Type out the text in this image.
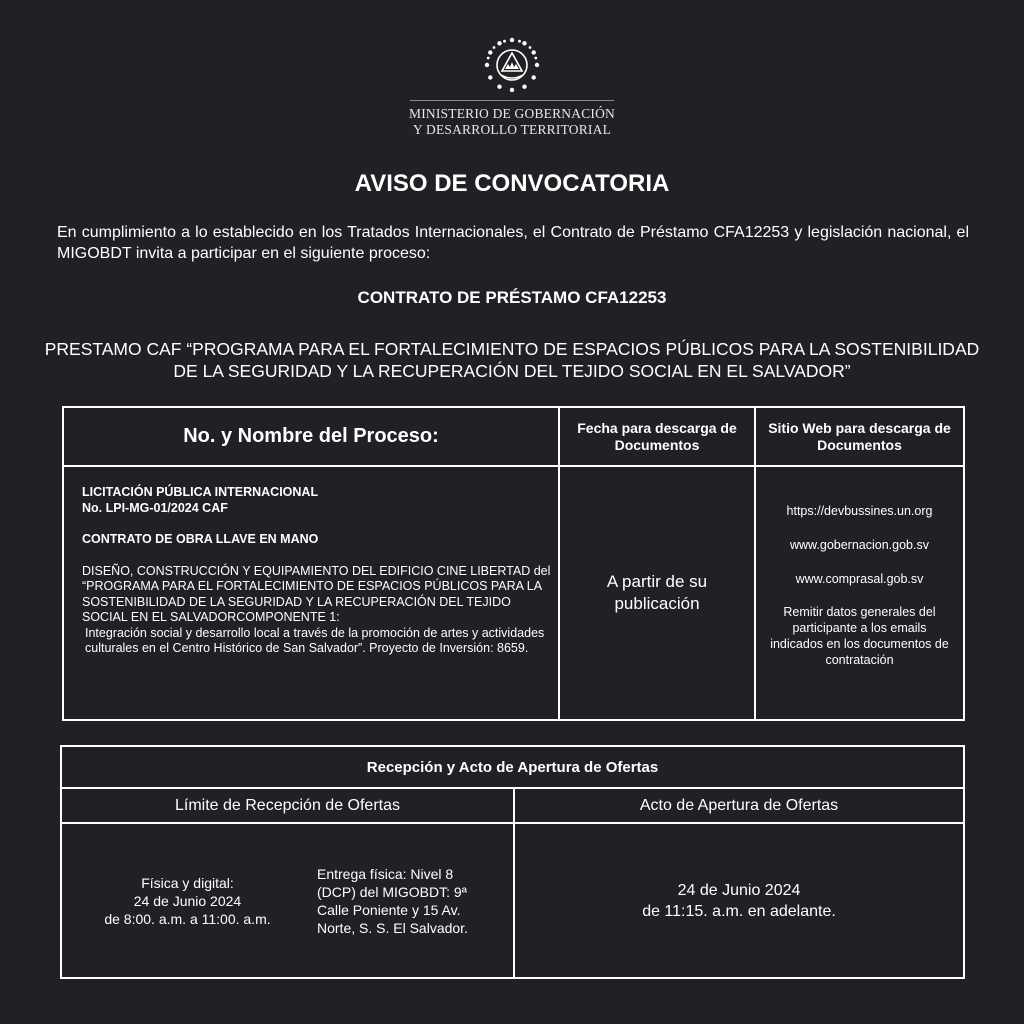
MINISTERIO DE GOBERNACIÓN
Y DESARROLLO TERRITORIAL
AVISO DE CONVOCATORIA
En cumplimiento a lo establecido en los Tratados Internacionales, el Contrato de Préstamo CFA12253 y legislación nacional, el MIGOBDT invita a participar en el siguiente proceso:
CONTRATO DE PRÉSTAMO CFA12253
PRESTAMO CAF “PROGRAMA PARA EL FORTALECIMIENTO DE ESPACIOS PÚBLICOS PARA LA SOSTENIBILIDAD DE LA SEGURIDAD Y LA RECUPERACIÓN DEL TEJIDO SOCIAL EN EL SALVADOR”
No. y Nombre del Proceso:	Fecha para descarga de Documentos
Sitio Web para descarga de Documentos

LICITACIÓN PÚBLICA INTERNACIONAL

No. LPI-MG-01/2024 CAF

CONTRATO DE OBRA LLAVE EN MANO

DISEÑO, CONSTRUCCIÓN Y EQUIPAMIENTO DEL EDIFICIO CINE LIBERTAD del “PROGRAMA PARA EL FORTALECIMIENTO DE ESPACIOS PÚBLICOS PARA LA SOSTENIBILIDAD DE LA SEGURIDAD Y LA RECUPERACIÓN DEL TEJIDO SOCIAL EN EL SALVADORCOMPONENTE 1:

Integración social y desarrollo local a través de la promoción de artes y actividades culturales en el Centro Histórico de San Salvador”. Proyecto de Inversión: 8659.

A partir de su publicación
https://devbussines.un.org
www.gobernacion.gob.sv
www.comprasal.gob.sv
Remitir datos generales del participante a los emails indicados en los documentos de contratación
Recepción y Acto de Apertura de Ofertas
Límite de Recepción de Ofertas	Acto de Apertura de Ofertas
Física y digital:
24 de Junio 2024
de 8:00. a.m. a 11:00. a.m.
Entrega física: Nivel 8 (DCP) del MIGOBDT: 9ª Calle Poniente y 15 Av. Norte, S. S. El Salvador.
24 de Junio 2024
de 11:15. a.m. en adelante.
